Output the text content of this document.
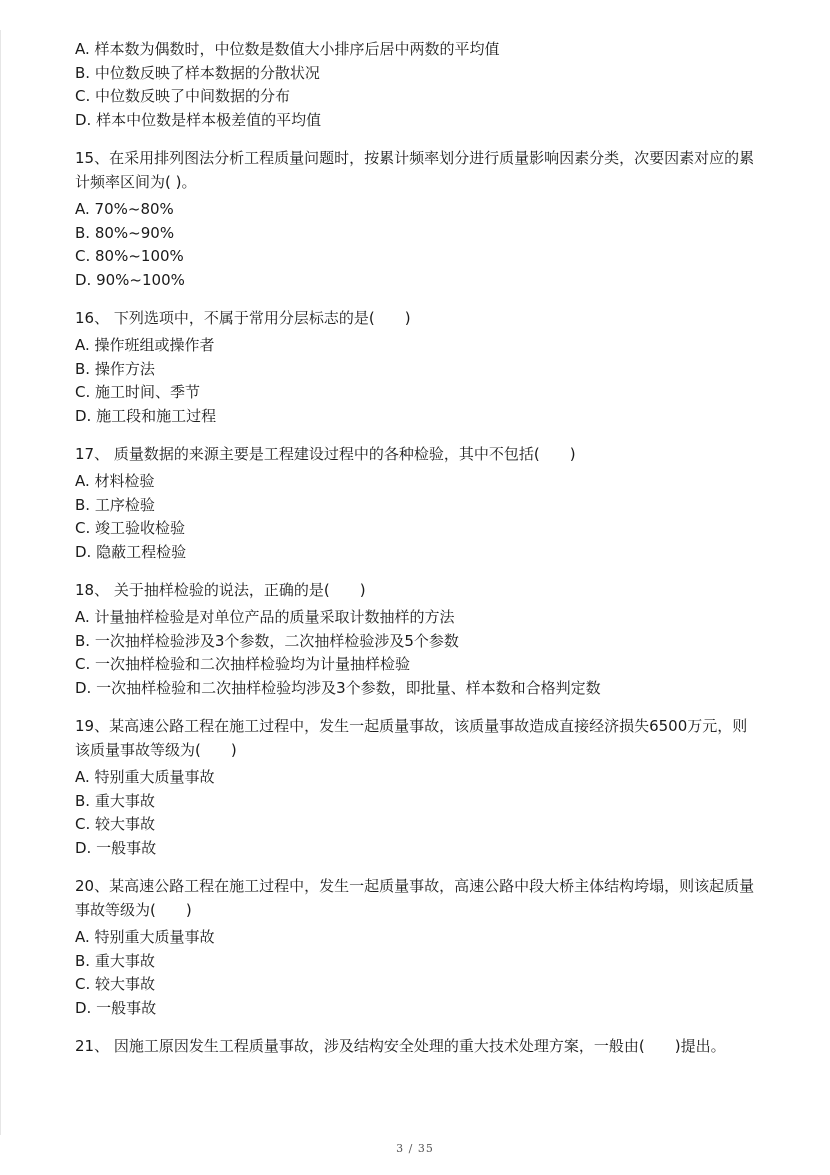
A. 样本数为偶数时，中位数是数值大小排序后居中两数的平均值
B. 中位数反映了样本数据的分散状况
C. 中位数反映了中间数据的分布
D. 样本中位数是样本极差值的平均值

15、在采用排列图法分析工程质量问题时，按累计频率划分进行质量影响因素分类，次要因素对应的累计频率区间为( )。

A. 70%~80%
B. 80%~90%
C. 80%~100%
D. 90%~100%

16、 下列选项中，不属于常用分层标志的是(　　)

A. 操作班组或操作者
B. 操作方法
C. 施工时间、季节
D. 施工段和施工过程

17、 质量数据的来源主要是工程建设过程中的各种检验，其中不包括(　　)

A. 材料检验
B. 工序检验
C. 竣工验收检验
D. 隐蔽工程检验

18、 关于抽样检验的说法，正确的是(　　)

A. 计量抽样检验是对单位产品的质量采取计数抽样的方法
B. 一次抽样检验涉及3个参数，二次抽样检验涉及5个参数
C. 一次抽样检验和二次抽样检验均为计量抽样检验
D. 一次抽样检验和二次抽样检验均涉及3个参数，即批量、样本数和合格判定数

19、某高速公路工程在施工过程中，发生一起质量事故，该质量事故造成直接经济损失6500万元，则该质量事故等级为(　　)

A. 特别重大质量事故
B. 重大事故
C. 较大事故
D. 一般事故

20、某高速公路工程在施工过程中，发生一起质量事故，高速公路中段大桥主体结构垮塌，则该起质量事故等级为(　　)

A. 特别重大质量事故
B. 重大事故
C. 较大事故
D. 一般事故

21、 因施工原因发生工程质量事故，涉及结构安全处理的重大技术处理方案，一般由(　　)提出。

3 / 35
